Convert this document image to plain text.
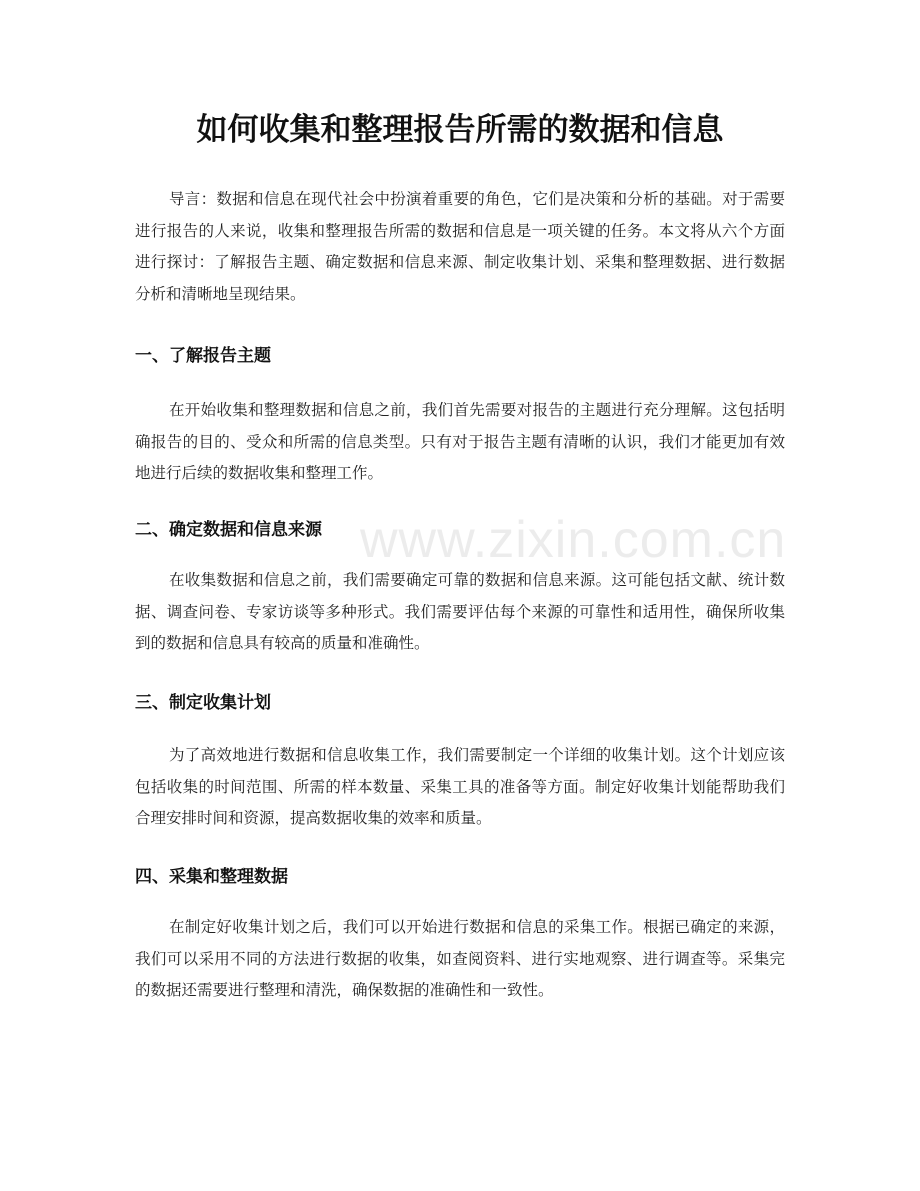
www.zixin.com.cn
如何收集和整理报告所需的数据和信息

导言：数据和信息在现代社会中扮演着重要的角色，它们是决策和分析的基础。对于需要进行报告的人来说，收集和整理报告所需的数据和信息是一项关键的任务。本文将从六个方面进行探讨：了解报告主题、确定数据和信息来源、制定收集计划、采集和整理数据、进行数据分析和清晰地呈现结果。

一、了解报告主题

在开始收集和整理数据和信息之前，我们首先需要对报告的主题进行充分理解。这包括明确报告的目的、受众和所需的信息类型。只有对于报告主题有清晰的认识，我们才能更加有效地进行后续的数据收集和整理工作。

二、确定数据和信息来源

在收集数据和信息之前，我们需要确定可靠的数据和信息来源。这可能包括文献、统计数据、调查问卷、专家访谈等多种形式。我们需要评估每个来源的可靠性和适用性，确保所收集到的数据和信息具有较高的质量和准确性。

三、制定收集计划

为了高效地进行数据和信息收集工作，我们需要制定一个详细的收集计划。这个计划应该包括收集的时间范围、所需的样本数量、采集工具的准备等方面。制定好收集计划能帮助我们合理安排时间和资源，提高数据收集的效率和质量。

四、采集和整理数据

在制定好收集计划之后，我们可以开始进行数据和信息的采集工作。根据已确定的来源，我们可以采用不同的方法进行数据的收集，如查阅资料、进行实地观察、进行调查等。采集完的数据还需要进行整理和清洗，确保数据的准确性和一致性。
